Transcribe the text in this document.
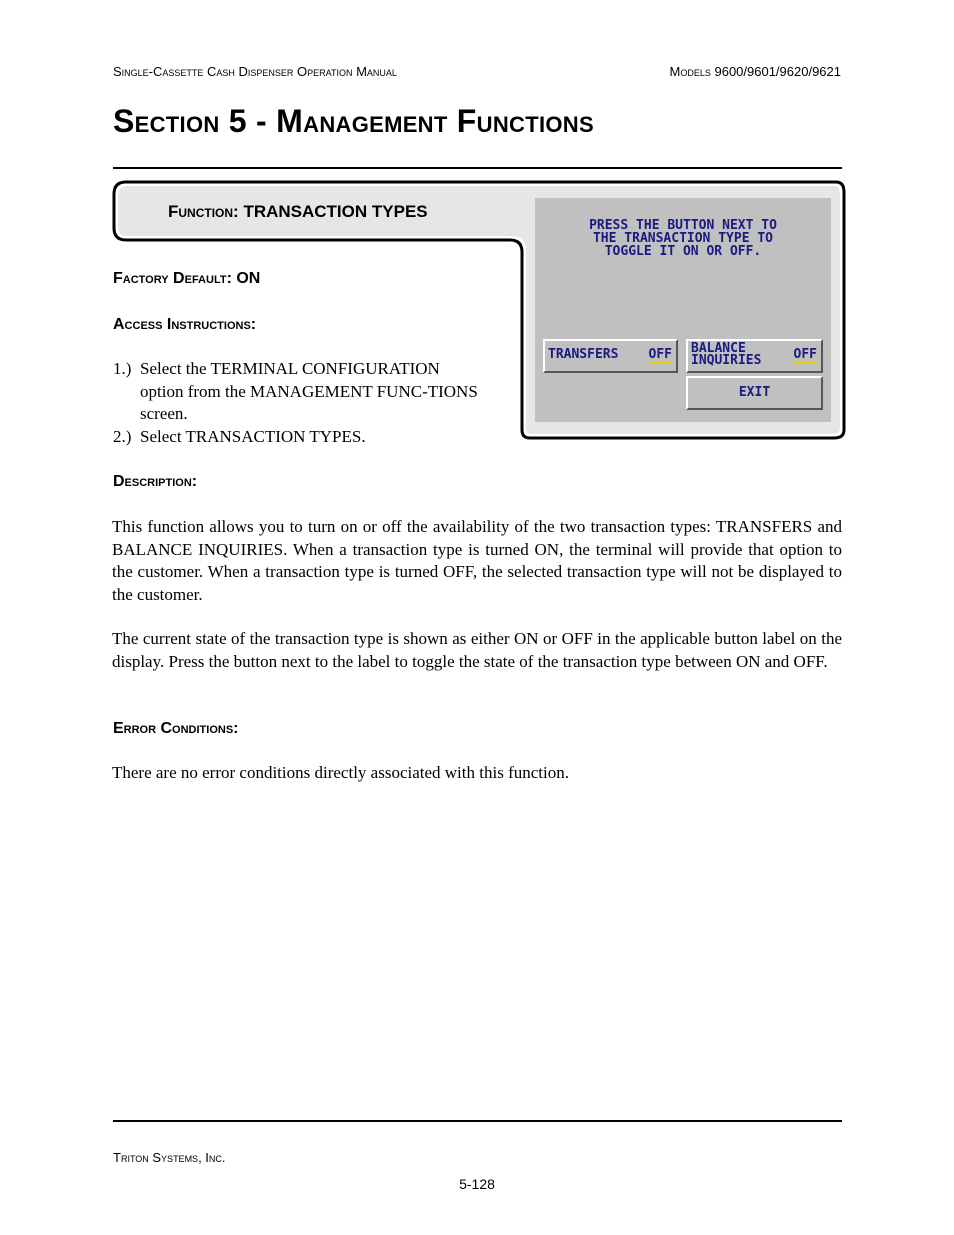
Single-Cassette Cash Dispenser Operation Manual	Models 9600/9601/9620/9621
Section 5 - Management Functions
Function: TRANSACTION TYPES
PRESS THE BUTTON NEXT TO
THE TRANSACTION TYPE TO
TOGGLE IT ON OR OFF.
TRANSFERS OFF BALANCE
INQUIRIES OFF
EXIT
Factory Default: ON
Access Instructions:
1.) Select the TERMINAL CONFIGURATION option from the MANAGEMENT FUNC-TIONS screen.
2.) Select TRANSACTION TYPES.
Description:
This function allows you to turn on or off the availability of the two transaction types: TRANSFERS and BALANCE INQUIRIES. When a transaction type is turned ON, the terminal will provide that option to the customer. When a transaction type is turned OFF, the selected transaction type will not be displayed to the customer.
The current state of the transaction type is shown as either ON or OFF in the applicable button label on the display. Press the button next to the label to toggle the state of the transaction type between ON and OFF.
Error Conditions:
There are no error conditions directly associated with this function.
Triton Systems, Inc.
5-128
